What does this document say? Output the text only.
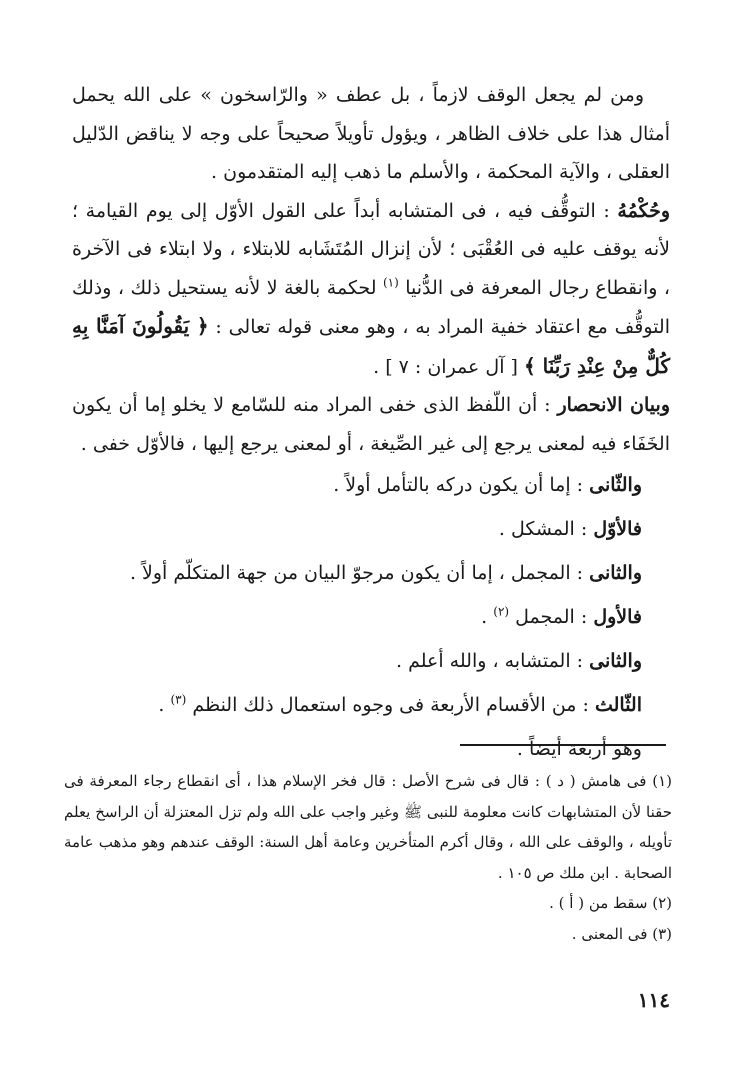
ومن لم يجعل الوقف لازماً ، بل عطف « والرّاسخون » على الله يحمل أمثال هذا على خلاف الظاهر ، ويؤول تأويلاً صحيحاً على وجه لا يناقض الدّليل العقلى ، والآية المحكمة ، والأسلم ما ذهب إليه المتقدمون .

وحُكْمُهُ : التوقُّف فيه ، فى المتشابه أبداً على القول الأوّل إلى يوم القيامة ؛ لأنه يوقف عليه فى العُقْبَى ؛ لأن إنزال المُتَشَابه للابتلاء ، ولا ابتلاء فى الآخرة ، وانقطاع رجال المعرفة فى الدُّنيا $^{(١)}$ لحكمة بالغة لا لأنه يستحيل ذلك ، وذلك التوقُّف مع اعتقاد خفية المراد به ، وهو معنى قوله تعالى : ﴿ يَقُولُونَ آمَنَّا بِهِ كُلٌّ مِنْ عِنْدِ رَبِّنَا ﴾ [ آل عمران : ٧ ] .

وبيان الانحصار : أن اللّفظ الذى خفى المراد منه للسّامع لا يخلو إما أن يكون الخَفَاء فيه لمعنى يرجع إلى غير الصِّيغة ، أو لمعنى يرجع إليها ، فالأوّل خفى .

والثّانى : إما أن يكون دركه بالتأمل أولاً .

فالأوّل : المشكل .

والثانى : المجمل ، إما أن يكون مرجوّ البيان من جهة المتكلّم أولاً .

فالأول : المجمل $^{(٢)}$ .

والثانى : المتشابه ، والله أعلم .

الثّالث : من الأقسام الأربعة فى وجوه استعمال ذلك النظم $^{(٣)}$ .

وهو أربعة أيضاً .

(١) فى هامش ( د ) : قال فى شرح الأصل : قال فخر الإسلام هذا ، أى انقطاع رجاء المعرفة فى حقنا لأن المتشابهات كانت معلومة للنبى ﷺ وغير واجب على الله ولم تزل المعتزلة أن الراسخ يعلم تأويله ، والوقف على الله ، وقال أكرم المتأخرين وعامة أهل السنة: الوقف عندهم وهو مذهب عامة الصحابة . ابن ملك ص ١٠٥ .

(٢) سقط من ( أ ) .

(٣) فى المعنى .

١١٤
